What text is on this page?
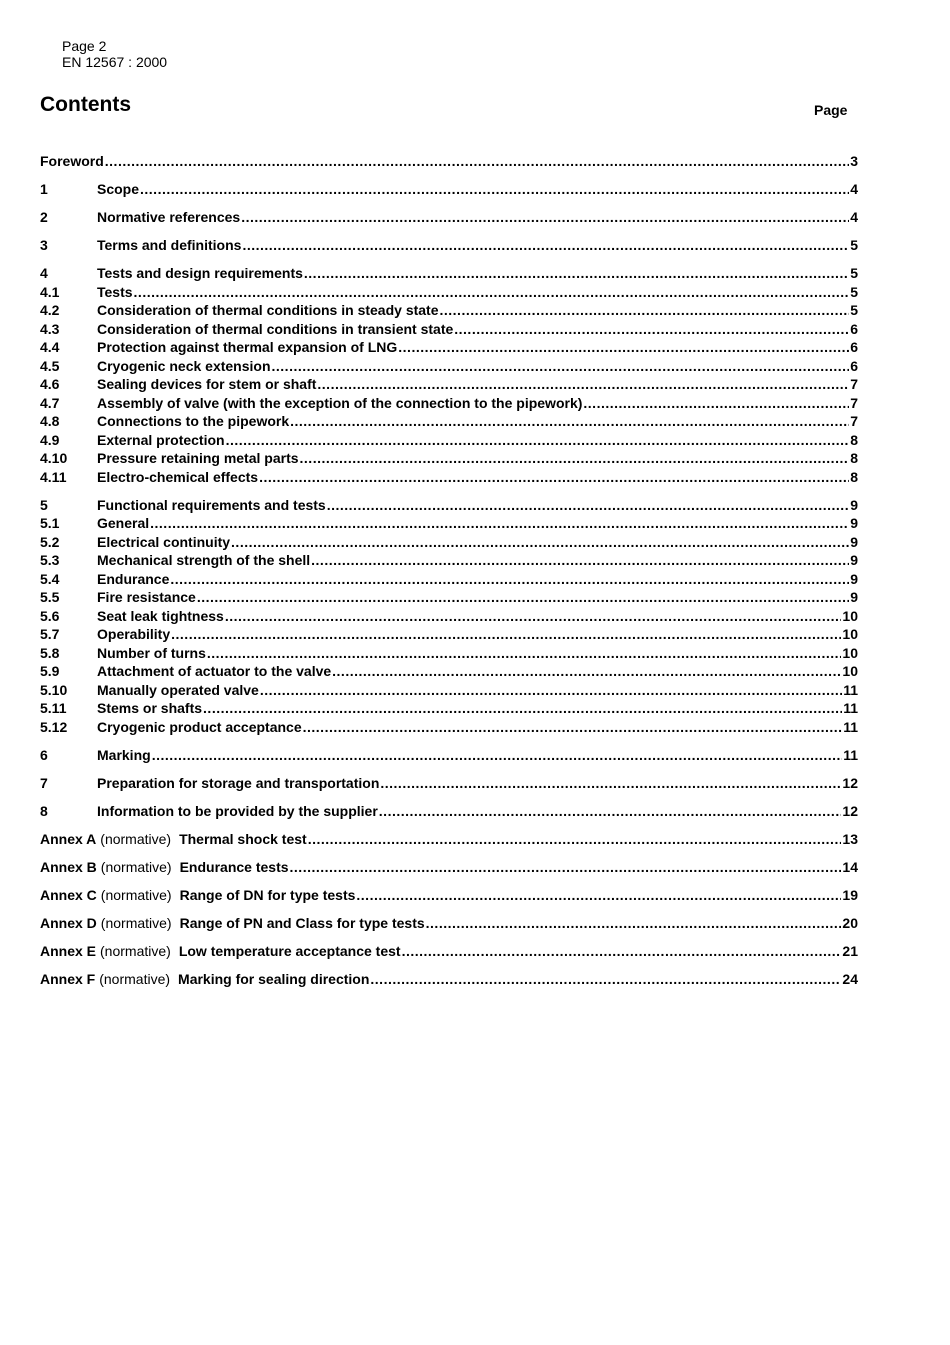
Page 2
EN 12567 : 2000
Contents	Page
Foreword .....	3
1	Scope .....	4
2	Normative references .....	4
3	Terms and definitions .....	5
4	Tests and design requirements .....	5
4.1	Tests .....	5
4.2	Consideration of thermal conditions in steady state .....	5
4.3	Consideration of thermal conditions in transient state .....	6
4.4	Protection against thermal expansion of LNG .....	6
4.5	Cryogenic neck extension .....	6
4.6	Sealing devices for stem or shaft .....	7
4.7	Assembly of valve (with the exception of the connection to the pipework) .....	7
4.8	Connections to the pipework .....	7
4.9	External protection .....	8
4.10	Pressure retaining metal parts .....	8
4.11	Electro-chemical effects .....	8
5	Functional requirements and tests .....	9
5.1	General .....	9
5.2	Electrical continuity .....	9
5.3	Mechanical strength of the shell .....	9
5.4	Endurance .....	9
5.5	Fire resistance .....	9
5.6	Seat leak tightness .....	10
5.7	Operability .....	10
5.8	Number of turns .....	10
5.9	Attachment of actuator to the valve .....	10
5.10	Manually operated valve .....	11
5.11	Stems or shafts .....	11
5.12	Cryogenic product acceptance .....	11
6	Marking .....	11
7	Preparation for storage and transportation .....	12
8	Information to be provided by the supplier .....	12
Annex A (normative) Thermal shock test .....	13
Annex B (normative) Endurance tests .....	14
Annex C (normative) Range of DN for type tests .....	19
Annex D (normative) Range of PN and Class for type tests .....	20
Annex E (normative) Low temperature acceptance test .....	21
Annex F (normative) Marking for sealing direction .....	24
